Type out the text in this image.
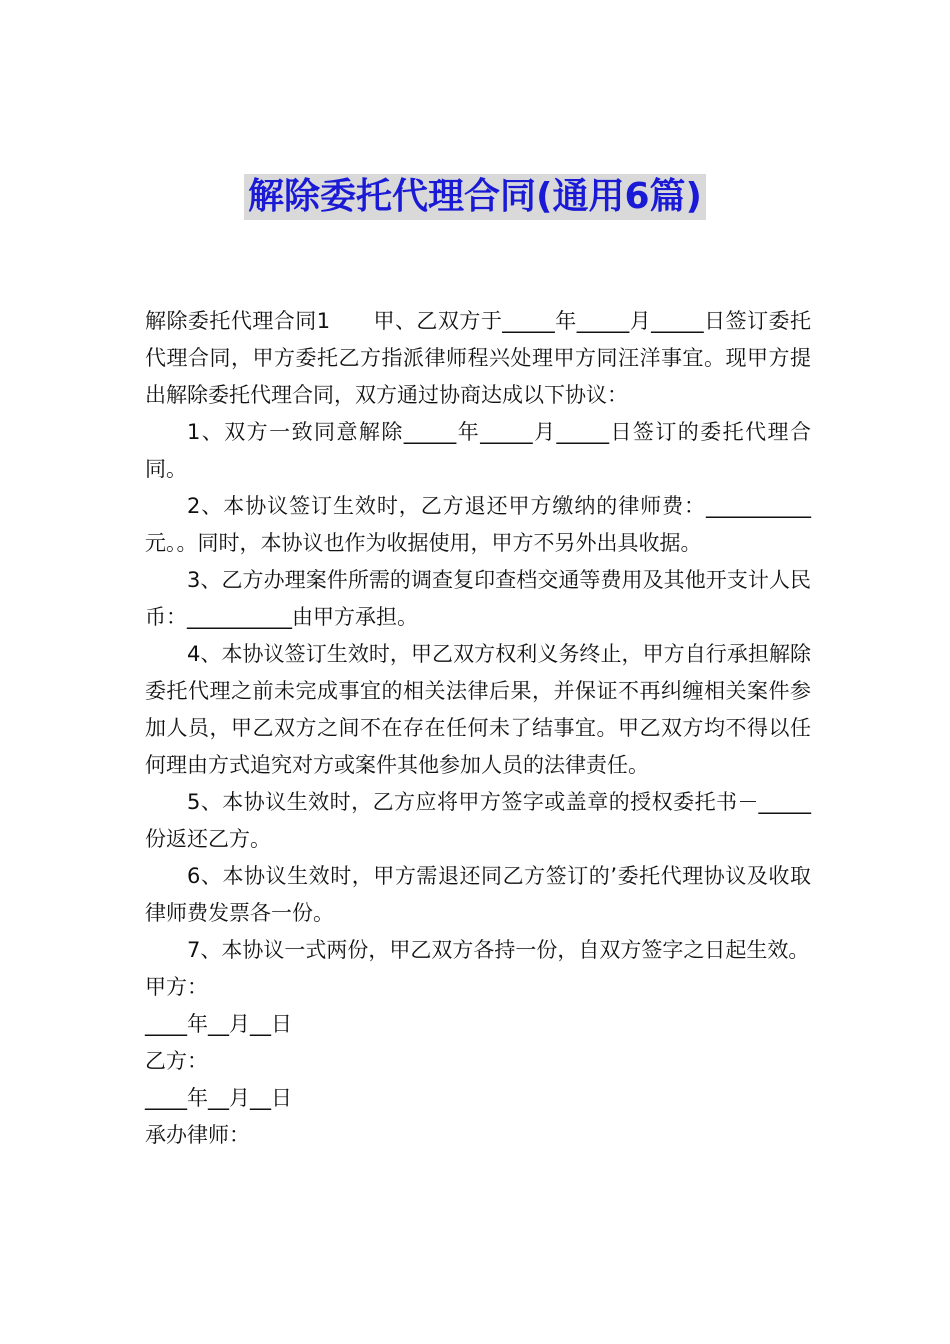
解除委托代理合同(通用6篇)

解除委托代理合同1　　甲、乙双方于_____年_____月_____日签订委托代理合同，甲方委托乙方指派律师程兴处理甲方同汪洋事宜。现甲方提出解除委托代理合同，双方通过协商达成以下协议：

1、双方一致同意解除_____年_____月_____日签订的委托代理合同。

2、本协议签订生效时，乙方退还甲方缴纳的律师费：__________元。。同时，本协议也作为收据使用，甲方不另外出具收据。

3、乙方办理案件所需的调查复印查档交通等费用及其他开支计人民币：__________由甲方承担。

4、本协议签订生效时，甲乙双方权利义务终止，甲方自行承担解除委托代理之前未完成事宜的相关法律后果，并保证不再纠缠相关案件参加人员，甲乙双方之间不在存在任何未了结事宜。甲乙双方均不得以任何理由方式追究对方或案件其他参加人员的法律责任。

5、本协议生效时，乙方应将甲方签字或盖章的授权委托书－_____份返还乙方。

6、本协议生效时，甲方需退还同乙方签订的’委托代理协议及收取律师费发票各一份。

7、本协议一式两份，甲乙双方各持一份，自双方签字之日起生效。

甲方：

____年__月__日

乙方：

____年__月__日

承办律师：
